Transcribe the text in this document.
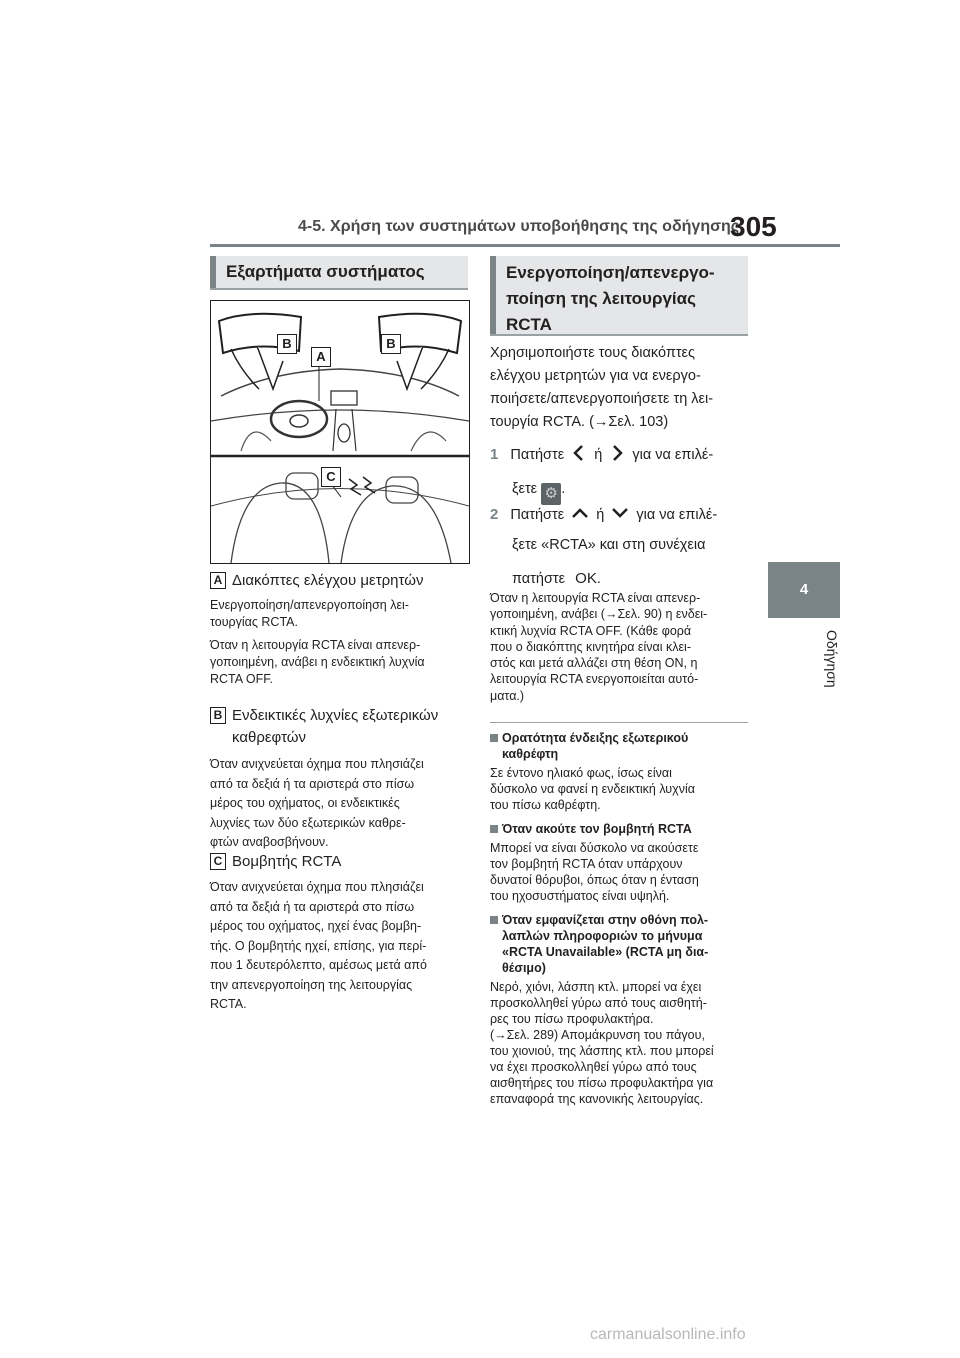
4-5. Χρήση των συστημάτων υποβοήθησης της οδήγησης
305
4
Οδήγηση
Εξαρτήματα συστήματος
B
A
B
C
A Διακόπτες ελέγχου μετρητών
Ενεργοποίηση/απενεργοποίηση λει-
τουργίας RCTA.
Όταν η λειτουργία RCTA είναι απενερ-
γοποιημένη, ανάβει η ενδεικτική λυχνία
RCTA OFF.
B Ενδεικτικές λυχνίες εξωτερικών
καθρεφτών
Όταν ανιχνεύεται όχημα που πλησιάζει
από τα δεξιά ή τα αριστερά στο πίσω
μέρος του οχήματος, οι ενδεικτικές
λυχνίες των δύο εξωτερικών καθρε-
φτών αναβοσβήνουν.
C Βομβητής RCTA
Όταν ανιχνεύεται όχημα που πλησιάζει
από τα δεξιά ή τα αριστερά στο πίσω
μέρος του οχήματος, ηχεί ένας βομβη-
τής. Ο βομβητής ηχεί, επίσης, για περί-
που 1 δευτερόλεπτο, αμέσως μετά από
την απενεργοποίηση της λειτουργίας
RCTA.
Ενεργοποίηση/απενεργο-
ποίηση της λειτουργίας
RCTA
Χρησιμοποιήστε τους διακόπτες
ελέγχου μετρητών για να ενεργο-
ποιήσετε/απενεργοποιήσετε τη λει-
τουργία RCTA. (→Σελ. 103)
1 Πατήστε ή για να επιλέ-
ξετε ⚙ .
2 Πατήστε ή για να επιλέ-
ξετε «RCTA» και στη συνέχεια
πατήστε OK.
Όταν η λειτουργία RCTA είναι απενερ-
γοποιημένη, ανάβει (→Σελ. 90) η ενδει-
κτική λυχνία RCTA OFF. (Κάθε φορά
που ο διακόπτης κινητήρα είναι κλει-
στός και μετά αλλάζει στη θέση ON, η
λειτουργία RCTA ενεργοποιείται αυτό-
ματα.)
Ορατότητα ένδειξης εξωτερικού
καθρέφτη
Σε έντονο ηλιακό φως, ίσως είναι
δύσκολο να φανεί η ενδεικτική λυχνία
του πίσω καθρέφτη.
Όταν ακούτε τον βομβητή RCTA
Μπορεί να είναι δύσκολο να ακούσετε
τον βομβητή RCTA όταν υπάρχουν
δυνατοί θόρυβοι, όπως όταν η ένταση
του ηχοσυστήματος είναι υψηλή.
Όταν εμφανίζεται στην οθόνη πολ-
λαπλών πληροφοριών το μήνυμα
«RCTA Unavailable» (RCTA μη δια-
θέσιμο)
Νερό, χιόνι, λάσπη κτλ. μπορεί να έχει
προσκολληθεί γύρω από τους αισθητή-
ρες του πίσω προφυλακτήρα.
(→Σελ. 289) Απομάκρυνση του πάγου,
του χιονιού, της λάσπης κτλ. που μπορεί
να έχει προσκολληθεί γύρω από τους
αισθητήρες του πίσω προφυλακτήρα για
επαναφορά της κανονικής λειτουργίας.
carmanualsonline.info
